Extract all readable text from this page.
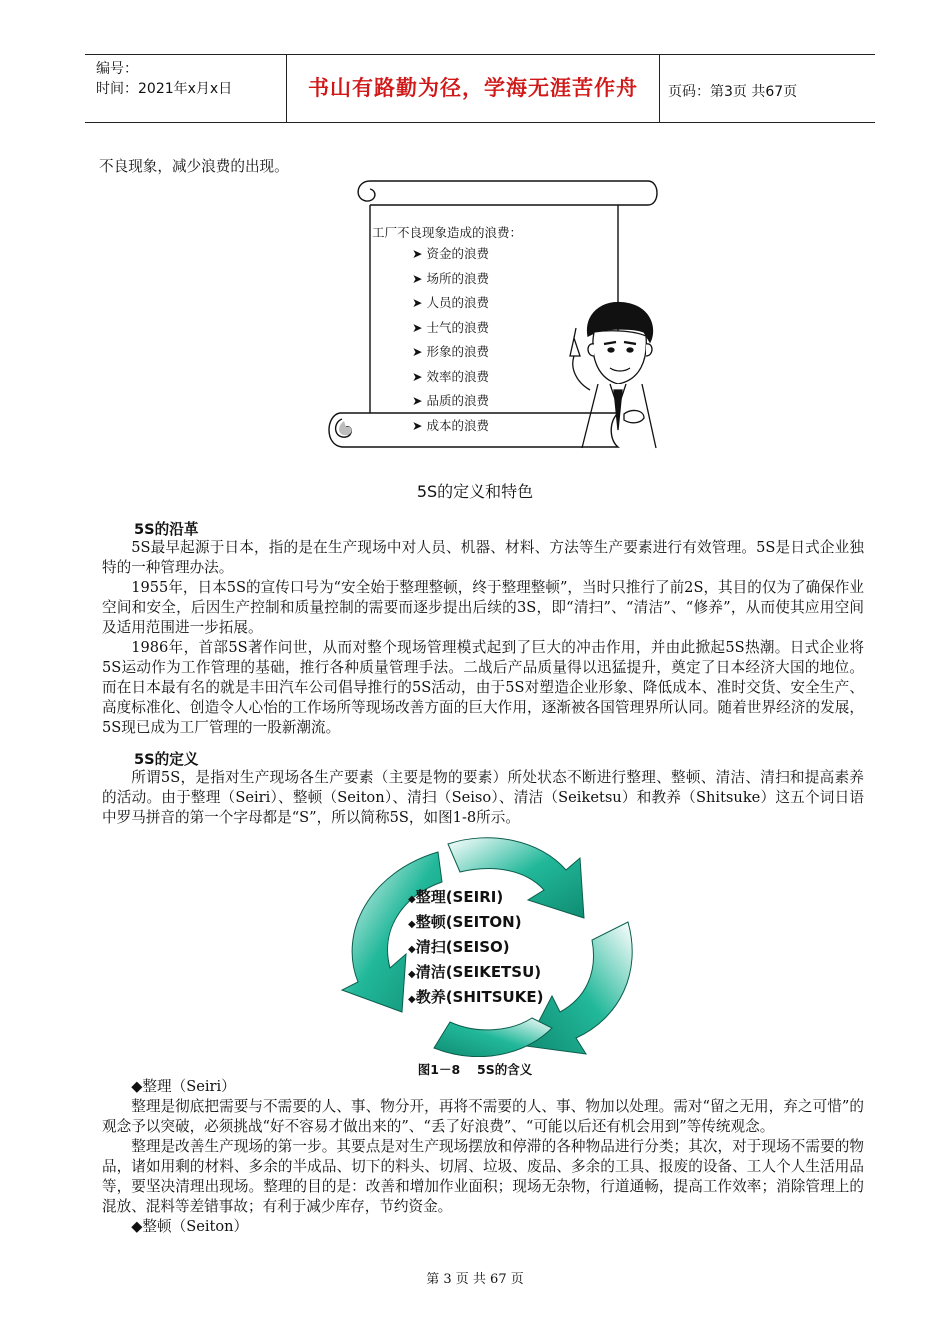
编号：
时间：2021年x月x日	书山有路勤为径，学海无涯苦作舟	页码：第3页 共67页

不良现象，减少浪费的出现。

工厂不良现象造成的浪费：
➤ 资金的浪费
➤ 场所的浪费
➤ 人员的浪费
➤ 士气的浪费
➤ 形象的浪费
➤ 效率的浪费
➤ 品质的浪费
➤ 成本的浪费
5S的定义和特色
5S的沿革

5S最早起源于日本，指的是在生产现场中对人员、机器、材料、方法等生产要素进行有效管理。5S是日式企业独特的一种管理办法。

1955年，日本5S的宣传口号为“安全始于整理整顿，终于整理整顿”，当时只推行了前2S，其目的仅为了确保作业空间和安全，后因生产控制和质量控制的需要而逐步提出后续的3S，即“清扫”、“清洁”、“修养”，从而使其应用空间及适用范围进一步拓展。

1986年，首部5S著作问世，从而对整个现场管理模式起到了巨大的冲击作用，并由此掀起5S热潮。日式企业将5S运动作为工作管理的基础，推行各种质量管理手法。二战后产品质量得以迅猛提升，奠定了日本经济大国的地位。而在日本最有名的就是丰田汽车公司倡导推行的5S活动，由于5S对塑造企业形象、降低成本、准时交货、安全生产、高度标准化、创造令人心怡的工作场所等现场改善方面的巨大作用，逐渐被各国管理界所认同。随着世界经济的发展，5S现已成为工厂管理的一股新潮流。

5S的定义

所谓5S，是指对生产现场各生产要素（主要是物的要素）所处状态不断进行整理、整顿、清洁、清扫和提高素养的活动。由于整理（Seiri）、整顿（Seiton）、清扫（Seiso）、清洁（Seiketsu）和教养（Shitsuke）这五个词日语中罗马拼音的第一个字母都是“S”，所以简称5S，如图1-8所示。

◆整理(SEIRI)
◆整顿(SEITON)
◆清扫(SEISO)
◆清洁(SEIKETSU)
◆教养(SHITSUKE)
图1－8　 5S的含义

◆整理（Seiri）

整理是彻底把需要与不需要的人、事、物分开，再将不需要的人、事、物加以处理。需对“留之无用，弃之可惜”的观念予以突破，必须挑战“好不容易才做出来的”、“丢了好浪费”、“可能以后还有机会用到”等传统观念。

整理是改善生产现场的第一步。其要点是对生产现场摆放和停滞的各种物品进行分类；其次，对于现场不需要的物品，诸如用剩的材料、多余的半成品、切下的料头、切屑、垃圾、废品、多余的工具、报废的设备、工人个人生活用品等，要坚决清理出现场。整理的目的是：改善和增加作业面积；现场无杂物，行道通畅，提高工作效率；消除管理上的混放、混料等差错事故；有利于减少库存，节约资金。

◆整顿（Seiton）

第 3 页 共 67 页
